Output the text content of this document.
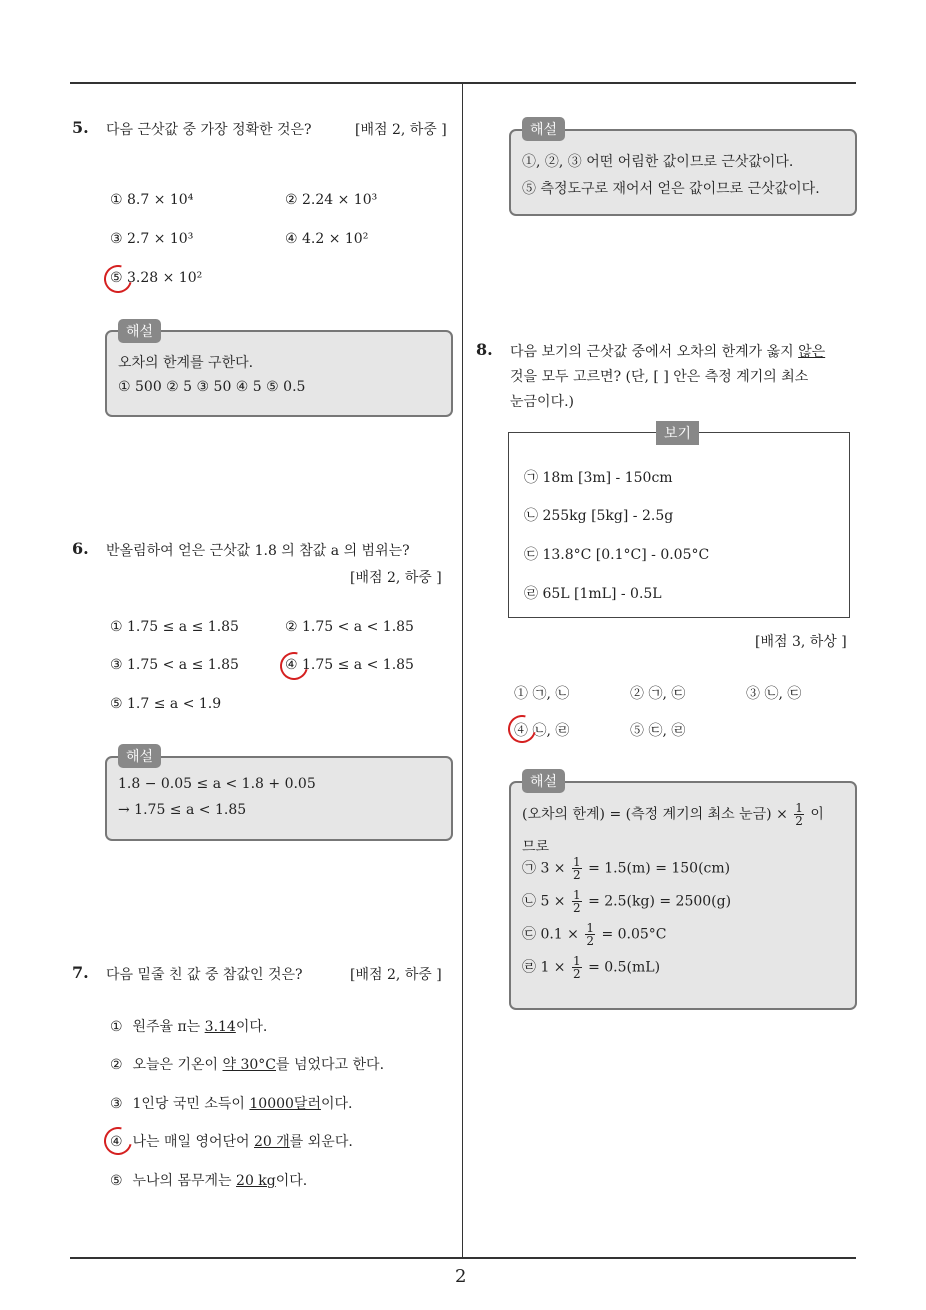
5. 다음 근삿값 중 가장 정확한 것은?	[배점 2, 하중 ]
① 8.7 × 10⁴	② 2.24 × 10³
③ 2.7 × 10³	④ 4.2 × 10²
⑤ 3.28 × 10²
해설
오차의 한계를 구한다.
① 500 ② 5 ③ 50 ④ 5 ⑤ 0.5
6. 반올림하여 얻은 근삿값 1.8 의 참값 a 의 범위는?
[배점 2, 하중 ]
① 1.75 ≤ a ≤ 1.85	② 1.75 < a < 1.85
③ 1.75 < a ≤ 1.85	④ 1.75 ≤ a < 1.85
⑤ 1.7 ≤ a < 1.9
해설
1.8 − 0.05 ≤ a < 1.8 + 0.05
→ 1.75 ≤ a < 1.85
7. 다음 밑줄 친 값 중 참값인 것은?	[배점 2, 하중 ]
① 원주율 π는 3.14이다.
② 오늘은 기온이 약 30°C를 넘었다고 한다.
③ 1인당 국민 소득이 10000달러이다.
④ 나는 매일 영어단어 20 개를 외운다.
⑤ 누나의 몸무게는 20 kg이다.
해설
①, ②, ③ 어떤 어림한 값이므로 근삿값이다.
⑤ 측정도구로 재어서 얻은 값이므로 근삿값이다.
8. 다음 보기의 근삿값 중에서 오차의 한계가 옳지 않은
것을 모두 고르면? (단, [ ] 안은 측정 계기의 최소
눈금이다.)
보기
㉠ 18m [3m] - 150cm
㉡ 255kg [5kg] - 2.5g
㉢ 13.8°C [0.1°C] - 0.05°C
㉣ 65L [1mL] - 0.5L
[배점 3, 하상 ]
① ㉠, ㉡	② ㉠, ㉢	③ ㉡, ㉢
④ ㉡, ㉣	⑤ ㉢, ㉣
해설
(오차의 한계) = (측정 계기의 최소 눈금) × $\frac{1}{2}$ 이
므로
㉠ $3 \times \frac{1}{2} = 1.5(m) = 150(cm)$
㉡ $5 \times \frac{1}{2} = 2.5(kg) = 2500(g)$
㉢ $0.1 \times \frac{1}{2} = 0.05^\circ C$
㉣ $1 \times \frac{1}{2} = 0.5(mL)$
2
